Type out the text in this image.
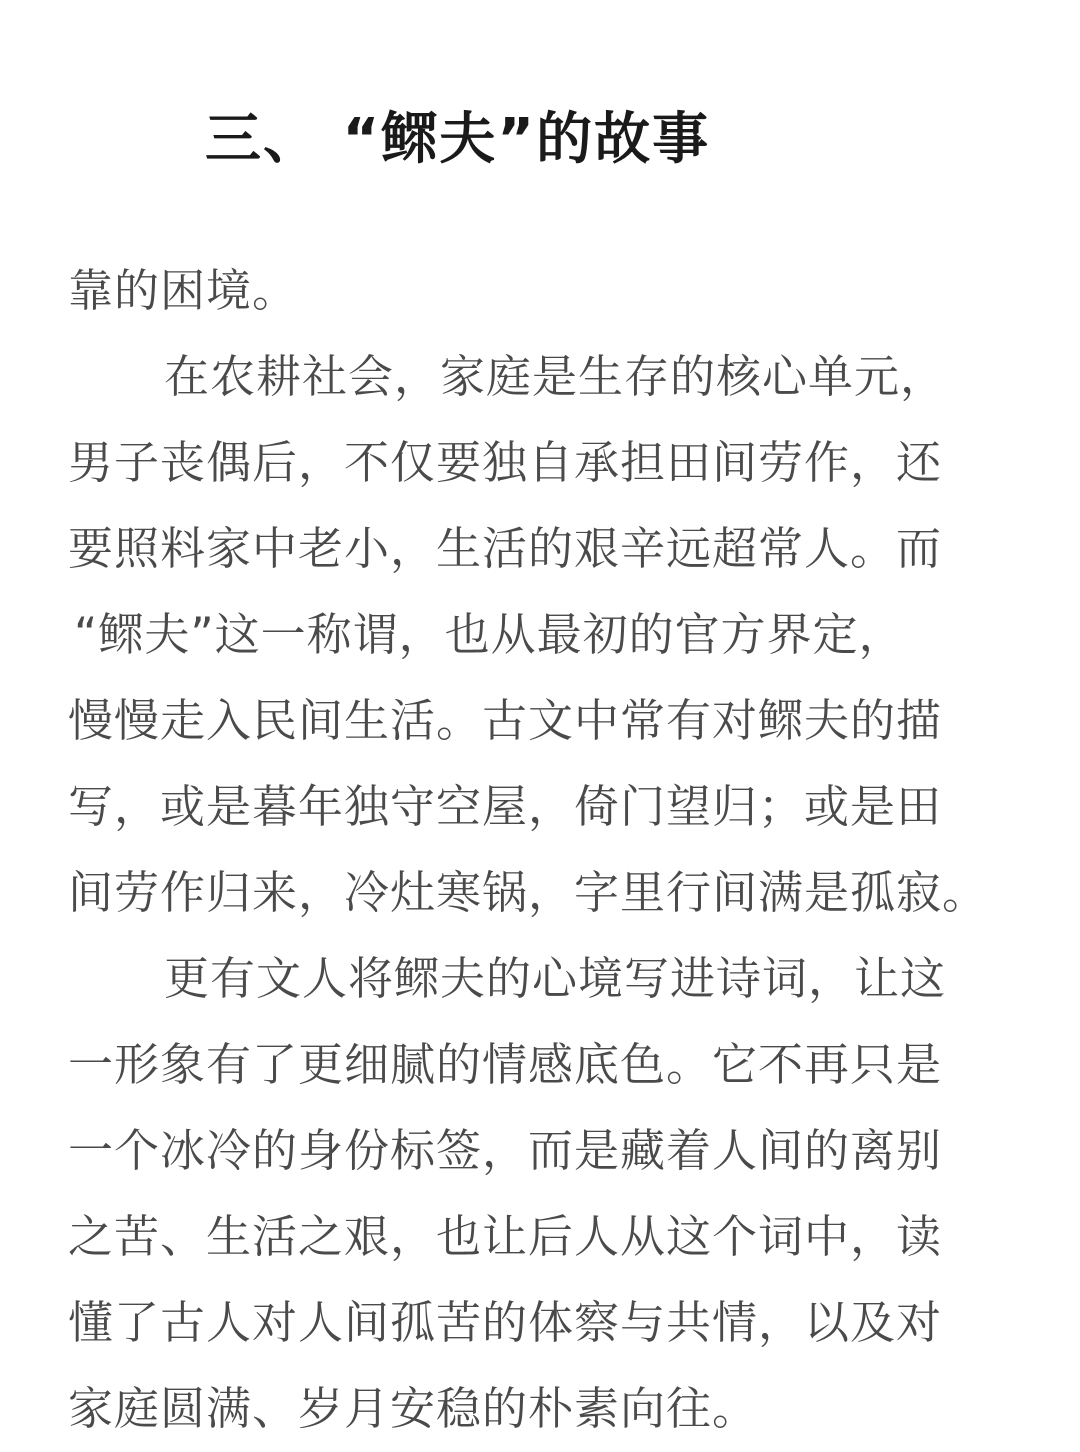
三、 “鳏夫”的故事
靠的困境。
在农耕社会，家庭是生存的核心单元，
男子丧偶后，不仅要独自承担田间劳作，还
要照料家中老小，生活的艰辛远超常人。而
“鳏夫”这一称谓，也从最初的官方界定，
慢慢走入民间生活。古文中常有对鳏夫的描
写，或是暮年独守空屋，倚门望归；或是田
间劳作归来，冷灶寒锅，字里行间满是孤寂。
更有文人将鳏夫的心境写进诗词，让这
一形象有了更细腻的情感底色。它不再只是
一个冰冷的身份标签，而是藏着人间的离别
之苦、生活之艰，也让后人从这个词中，读
懂了古人对人间孤苦的体察与共情，以及对
家庭圆满、岁月安稳的朴素向往。
